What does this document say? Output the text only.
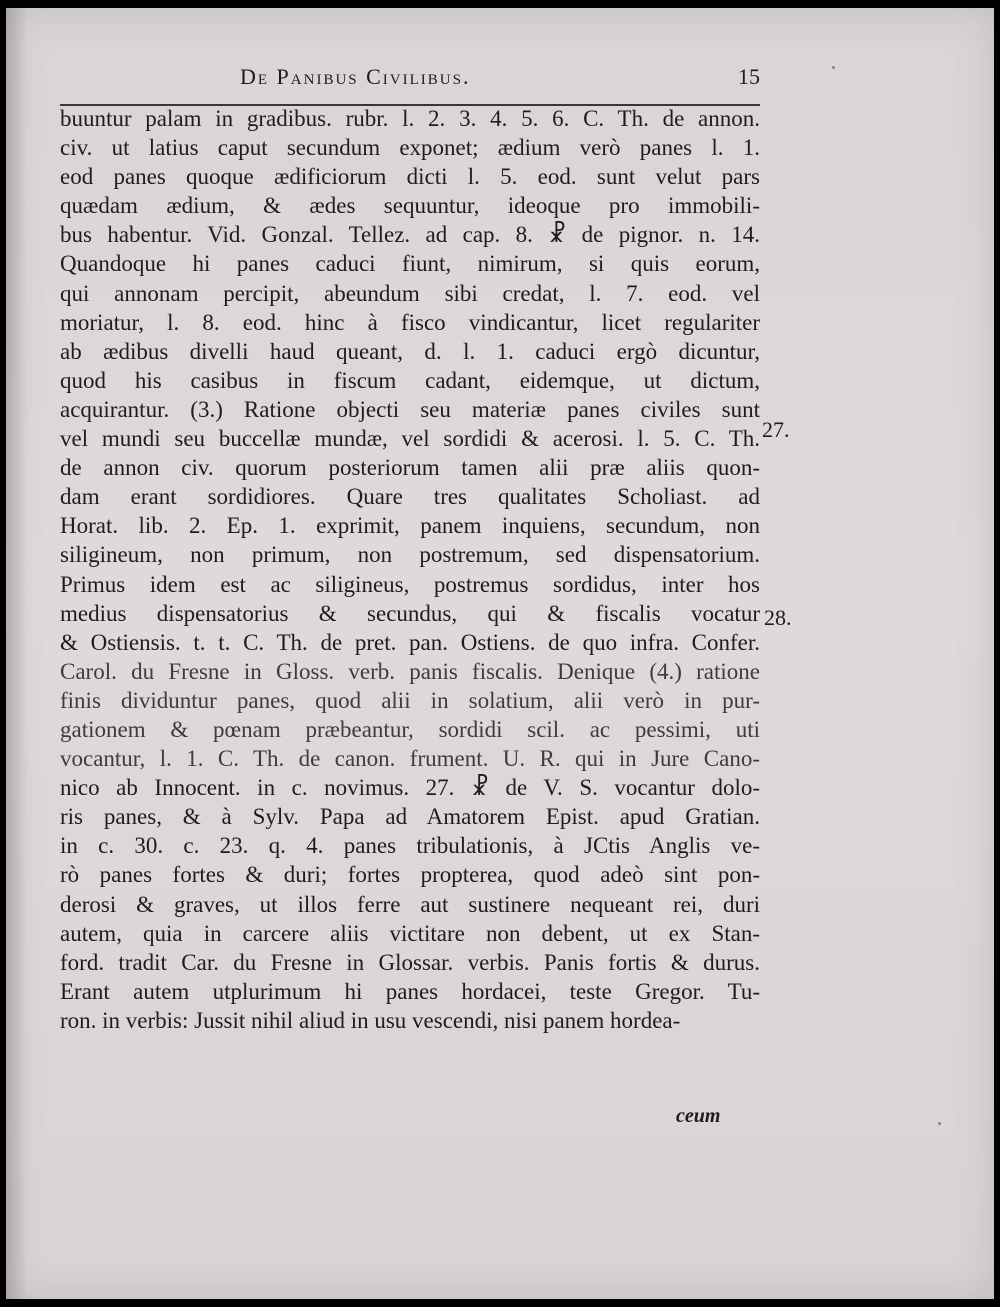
De Panibus Civilibus.	15
buuntur palam in gradibus. rubr. l. 2. 3. 4. 5. 6. C. Th. de annon.
civ. ut latius caput secundum exponet; ædium verò panes l. 1.
eod panes quoque ædificiorum dicti l. 5. eod. sunt velut pars
quædam ædium, & ædes sequuntur, ideoque pro immobili-
bus habentur. Vid. Gonzal. Tellez. ad cap. 8. ☧ de pignor. n. 14.
Quandoque hi panes caduci fiunt, nimirum, si quis eorum,
qui annonam percipit, abeundum sibi credat, l. 7. eod. vel
moriatur, l. 8. eod. hinc à fisco vindicantur, licet regulariter
ab ædibus divelli haud queant, d. l. 1. caduci ergò dicuntur,
quod his casibus in fiscum cadant, eidemque, ut dictum,
acquirantur. (3.) Ratione objecti seu materiæ panes civiles sunt
vel mundi seu buccellæ mundæ, vel sordidi & acerosi. l. 5. C. Th.
de annon civ. quorum posteriorum tamen alii præ aliis quon-
dam erant sordidiores. Quare tres qualitates Scholiast. ad
Horat. lib. 2. Ep. 1. exprimit, panem inquiens, secundum, non
siligineum, non primum, non postremum, sed dispensatorium.
Primus idem est ac siligineus, postremus sordidus, inter hos
medius dispensatorius & secundus, qui & fiscalis vocatur
& Ostiensis. t. t. C. Th. de pret. pan. Ostiens. de quo infra. Confer.
Carol. du Fresne in Gloss. verb. panis fiscalis. Denique (4.) ratione
finis dividuntur panes, quod alii in solatium, alii verò in pur-
gationem & pœnam præbeantur, sordidi scil. ac pessimi, uti
vocantur, l. 1. C. Th. de canon. frument. U. R. qui in Jure Cano-
nico ab Innocent. in c. novimus. 27. ☧ de V. S. vocantur dolo-
ris panes, & à Sylv. Papa ad Amatorem Epist. apud Gratian.
in c. 30. c. 23. q. 4. panes tribulationis, à JCtis Anglis ve-
rò panes fortes & duri; fortes propterea, quod adeò sint pon-
derosi & graves, ut illos ferre aut sustinere nequeant rei, duri
autem, quia in carcere aliis victitare non debent, ut ex Stan-
ford. tradit Car. du Fresne in Glossar. verbis. Panis fortis & durus.
Erant autem utplurimum hi panes hordacei, teste Gregor. Tu-
ron. in verbis: Jussit nihil aliud in usu vescendi, nisi panem hordea-
27.
28.
ceum
